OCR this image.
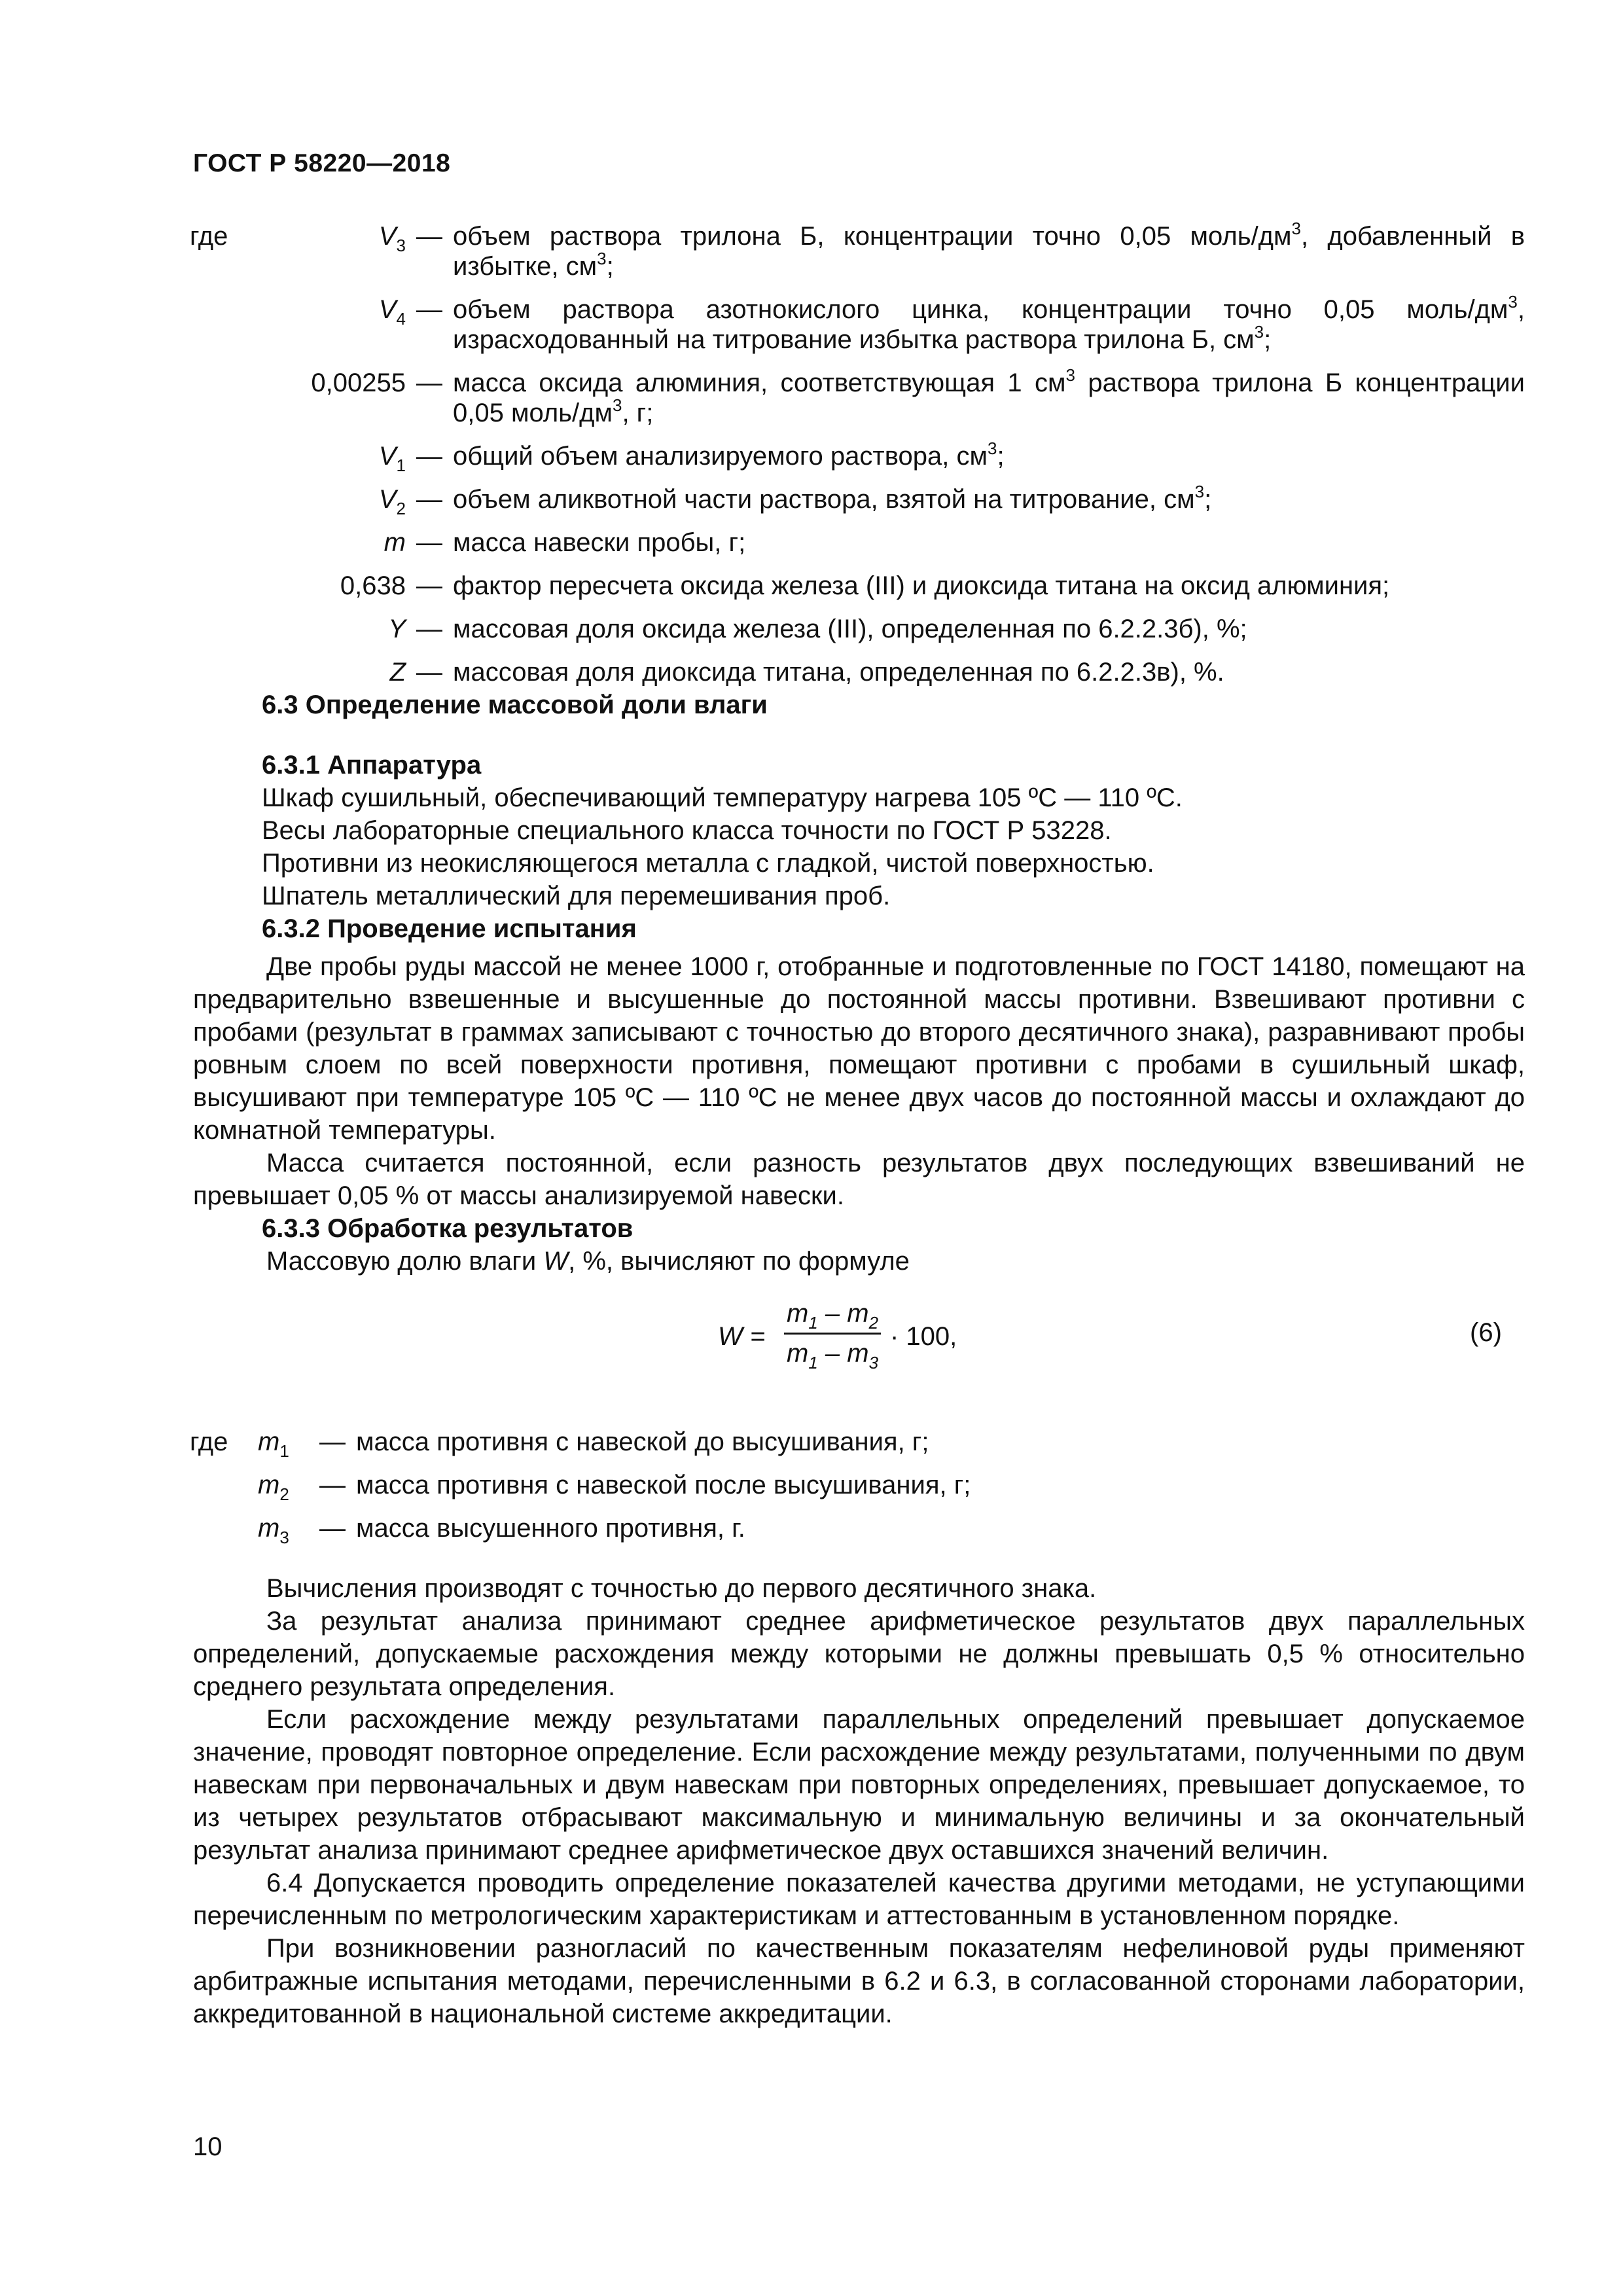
ГОСТ Р 58220—2018
где	$V_3$ — объем раствора трилона Б, концентрации точно 0,05 моль/$дм^3$, добавленный в избытке, $см^3$;
$V_4$ — объем раствора азотнокислого цинка, концентрации точно 0,05 моль/$дм^3$, израсходованный на титрование избытка раствора трилона Б, $см^3$;
0,00255 — масса оксида алюминия, соответствующая 1 $см^3$ раствора трилона Б концентрации 0,05 моль/$дм^3$, г;
$V_1$ — общий объем анализируемого раствора, $см^3$;
$V_2$ — объем аликвотной части раствора, взятой на титрование, $см^3$;
m — масса навески пробы, г;
0,638 — фактор пересчета оксида железа (III) и диоксида титана на оксид алюминия;
Y — массовая доля оксида железа (III), определенная по 6.2.2.3б), %;
Z — массовая доля диоксида титана, определенная по 6.2.2.3в), %.

6.3 Определение массовой доли влаги

6.3.1 Аппаратура

Шкаф сушильный, обеспечивающий температуру нагрева 105 ºС — 110 ºС.

Весы лабораторные специального класса точности по ГОСТ Р 53228.

Противни из неокисляющегося металла с гладкой, чистой поверхностью.

Шпатель металлический для перемешивания проб.

6.3.2 Проведение испытания

Две пробы руды массой не менее 1000 г, отобранные и подготовленные по ГОСТ 14180, помещают на предварительно взвешенные и высушенные до постоянной массы противни. Взвешивают противни с пробами (результат в граммах записывают с точностью до второго десятичного знака), разравнивают пробы ровным слоем по всей поверхности противня, помещают противни с пробами в сушильный шкаф, высушивают при температуре 105 ºС — 110 ºС не менее двух часов до постоянной массы и охлаждают до комнатной температуры.

Масса считается постоянной, если разность результатов двух последующих взвешиваний не превышает 0,05 % от массы анализируемой навески.

6.3.3 Обработка результатов

Массовую долю влаги W, %, вычисляют по формуле

W =
$m_1 - m_2$
$m_1 - m_3$
· 100,	(6)
где	$m_1$	— масса противня с навеской до высушивания, г;
$m_2$	— масса противня с навеской после высушивания, г;
$m_3$	— масса высушенного противня, г.

Вычисления производят с точностью до первого десятичного знака.

За результат анализа принимают среднее арифметическое результатов двух параллельных определений, допускаемые расхождения между которыми не должны превышать 0,5 % относительно среднего результата определения.

Если расхождение между результатами параллельных определений превышает допускаемое значение, проводят повторное определение. Если расхождение между результатами, полученными по двум навескам при первоначальных и двум навескам при повторных определениях, превышает допускаемое, то из четырех результатов отбрасывают максимальную и минимальную величины и за окончательный результат анализа принимают среднее арифметическое двух оставшихся значений величин.

6.4 Допускается проводить определение показателей качества другими методами, не уступающими перечисленным по метрологическим характеристикам и аттестованным в установленном порядке.

При возникновении разногласий по качественным показателям нефелиновой руды применяют арбитражные испытания методами, перечисленными в 6.2 и 6.3, в согласованной сторонами лаборатории, аккредитованной в национальной системе аккредитации.

10
